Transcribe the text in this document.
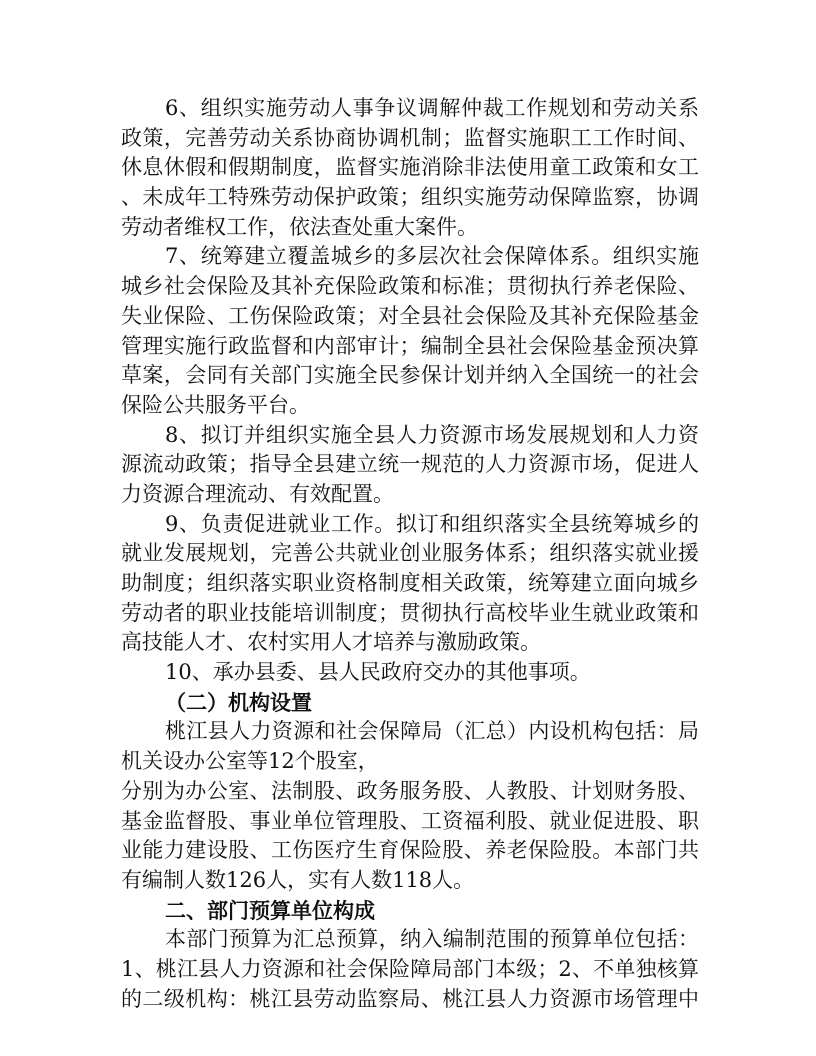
6、组织实施劳动人事争议调解仲裁工作规划和劳动关系
政策，完善劳动关系协商协调机制；监督实施职工工作时间、
休息休假和假期制度，监督实施消除非法使用童工政策和女工
、未成年工特殊劳动保护政策；组织实施劳动保障监察，协调
劳动者维权工作，依法查处重大案件。
7、统筹建立覆盖城乡的多层次社会保障体系。组织实施
城乡社会保险及其补充保险政策和标准；贯彻执行养老保险、
失业保险、工伤保险政策；对全县社会保险及其补充保险基金
管理实施行政监督和内部审计；编制全县社会保险基金预决算
草案，会同有关部门实施全民参保计划并纳入全国统一的社会
保险公共服务平台。
8、拟订并组织实施全县人力资源市场发展规划和人力资
源流动政策；指导全县建立统一规范的人力资源市场，促进人
力资源合理流动、有效配置。
9、负责促进就业工作。拟订和组织落实全县统筹城乡的
就业发展规划，完善公共就业创业服务体系；组织落实就业援
助制度；组织落实职业资格制度相关政策，统筹建立面向城乡
劳动者的职业技能培训制度；贯彻执行高校毕业生就业政策和
高技能人才、农村实用人才培养与激励政策。
10、承办县委、县人民政府交办的其他事项。
（二）机构设置
桃江县人力资源和社会保障局（汇总）内设机构包括：局
机关设办公室等12个股室，
分别为办公室、法制股、政务服务股、人教股、计划财务股、
基金监督股、事业单位管理股、工资福利股、就业促进股、职
业能力建设股、工伤医疗生育保险股、养老保险股。本部门共
有编制人数126人，实有人数118人。
二、部门预算单位构成
本部门预算为汇总预算，纳入编制范围的预算单位包括：
1、桃江县人力资源和社会保险障局部门本级；2、不单独核算
的二级机构：桃江县劳动监察局、桃江县人力资源市场管理中
